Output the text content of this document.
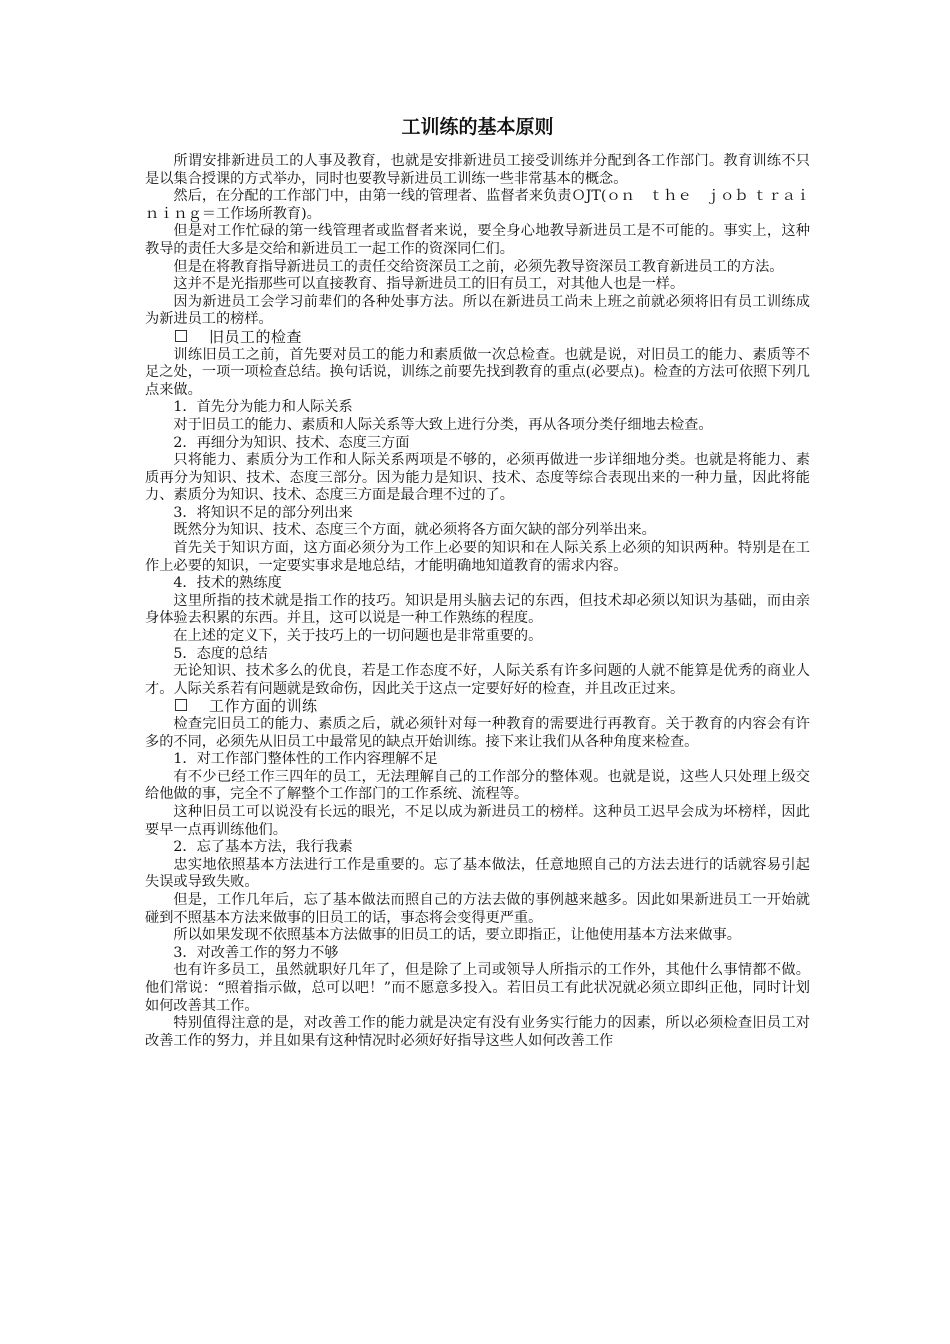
工训练的基本原则

所谓安排新进员工的人事及教育，也就是安排新进员工接受训练并分配到各工作部门。教育训练不只是以集合授课的方式举办，同时也要教导新进员工训练一些非常基本的概念。

然后，在分配的工作部门中，由第一线的管理者、监督者来负责ＯJT(ｏｎ　ｔｈｅ　ｊｏｂ ｔｒａｉｎｉｎｇ＝工作场所教育)。

但是对工作忙碌的第一线管理者或监督者来说，要全身心地教导新进员工是不可能的。事实上，这种教导的责任大多是交给和新进员工一起工作的资深同仁们。

但是在将教育指导新进员工的责任交给资深员工之前，必须先教导资深员工教育新进员工的方法。

这并不是光指那些可以直接教育、指导新进员工的旧有员工，对其他人也是一样。

因为新进员工会学习前辈们的各种处事方法。所以在新进员工尚未上班之前就必须将旧有员工训练成为新进员工的榜样。

旧员工的检查

训练旧员工之前，首先要对员工的能力和素质做一次总检查。也就是说，对旧员工的能力、素质等不足之处，一项一项检查总结。换句话说，训练之前要先找到教育的重点(必要点)。检查的方法可依照下列几点来做。

1．首先分为能力和人际关系

对于旧员工的能力、素质和人际关系等大致上进行分类，再从各项分类仔细地去检查。

2．再细分为知识、技术、态度三方面

只将能力、素质分为工作和人际关系两项是不够的，必须再做进一步详细地分类。也就是将能力、素质再分为知识、技术、态度三部分。因为能力是知识、技术、态度等综合表现出来的一种力量，因此将能力、素质分为知识、技术、态度三方面是最合理不过的了。

3．将知识不足的部分列出来

既然分为知识、技术、态度三个方面，就必须将各方面欠缺的部分列举出来。

首先关于知识方面，这方面必须分为工作上必要的知识和在人际关系上必须的知识两种。特别是在工作上必要的知识，一定要实事求是地总结，才能明确地知道教育的需求内容。

4．技术的熟练度

这里所指的技术就是指工作的技巧。知识是用头脑去记的东西，但技术却必须以知识为基础，而由亲身体验去积累的东西。并且，这可以说是一种工作熟练的程度。

在上述的定义下，关于技巧上的一切问题也是非常重要的。

5．态度的总结

无论知识、技术多么的优良，若是工作态度不好，人际关系有许多问题的人就不能算是优秀的商业人才。人际关系若有问题就是致命伤，因此关于这点一定要好好的检查，并且改正过来。

工作方面的训练

检查完旧员工的能力、素质之后，就必须针对每一种教育的需要进行再教育。关于教育的内容会有许多的不同，必须先从旧员工中最常见的缺点开始训练。接下来让我们从各种角度来检查。

1．对工作部门整体性的工作内容理解不足

有不少已经工作三四年的员工，无法理解自己的工作部分的整体观。也就是说，这些人只处理上级交给他做的事，完全不了解整个工作部门的工作系统、流程等。

这种旧员工可以说没有长远的眼光，不足以成为新进员工的榜样。这种员工迟早会成为坏榜样，因此要早一点再训练他们。

2．忘了基本方法，我行我素

忠实地依照基本方法进行工作是重要的。忘了基本做法，任意地照自己的方法去进行的话就容易引起失误或导致失败。

但是，工作几年后，忘了基本做法而照自己的方法去做的事例越来越多。因此如果新进员工一开始就碰到不照基本方法来做事的旧员工的话，事态将会变得更严重。

所以如果发现不依照基本方法做事的旧员工的话，要立即指正，让他使用基本方法来做事。

3．对改善工作的努力不够

也有许多员工，虽然就职好几年了，但是除了上司或领导人所指示的工作外，其他什么事情都不做。他们常说：“照着指示做，总可以吧！”而不愿意多投入。若旧员工有此状况就必须立即纠正他，同时计划如何改善其工作。

特别值得注意的是，对改善工作的能力就是决定有没有业务实行能力的因素，所以必须检查旧员工对改善工作的努力，并且如果有这种情况时必须好好指导这些人如何改善工作
